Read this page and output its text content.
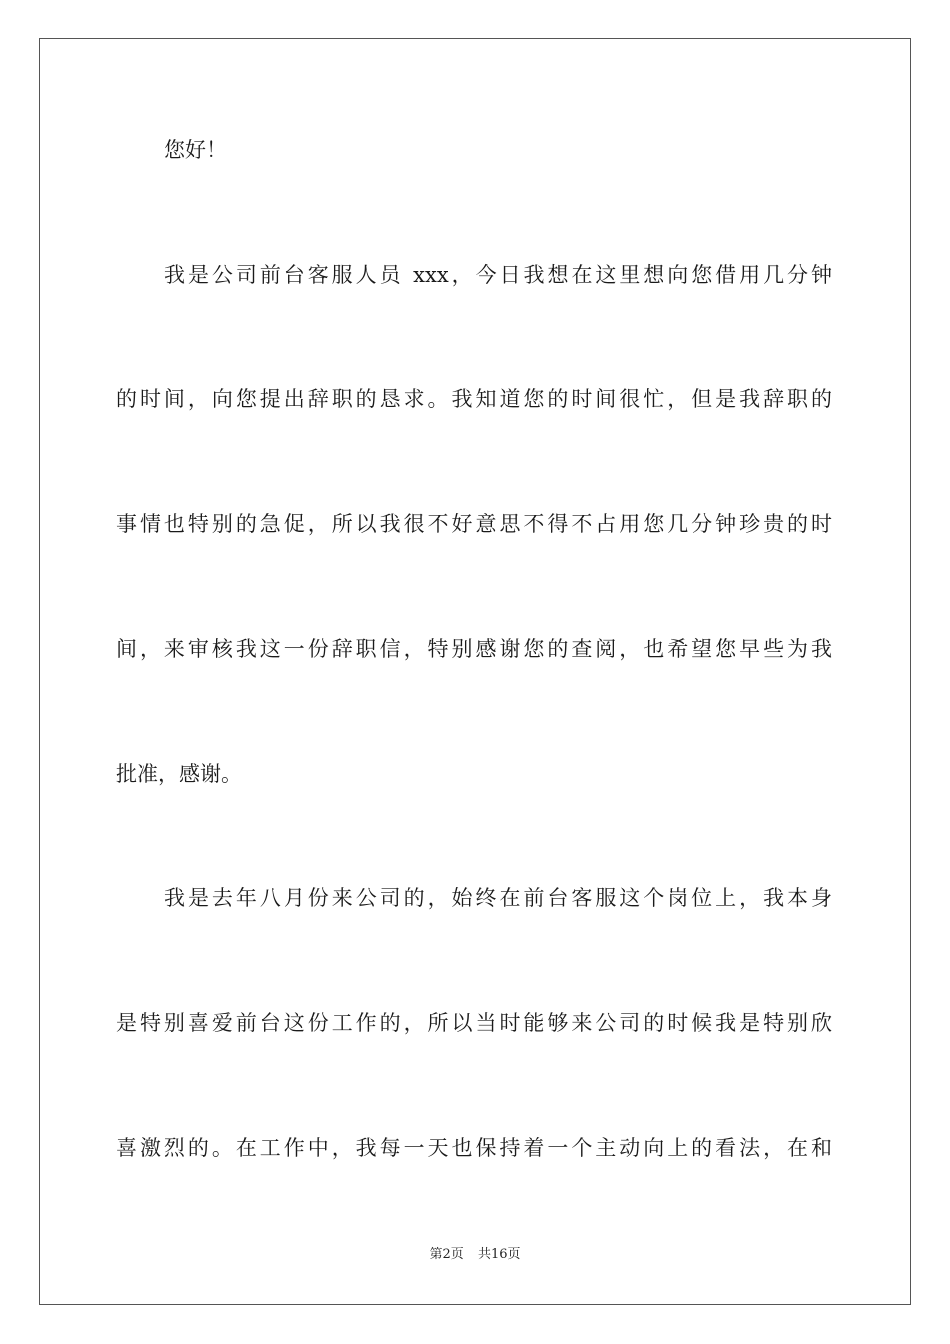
您好！
我是公司前台客服人员 xxx，今日我想在这里想向您借用几分钟
的时间，向您提出辞职的恳求。我知道您的时间很忙，但是我辞职的
事情也特别的急促，所以我很不好意思不得不占用您几分钟珍贵的时
间，来审核我这一份辞职信，特别感谢您的查阅，也希望您早些为我
批准，感谢。
我是去年八月份来公司的，始终在前台客服这个岗位上，我本身
是特别喜爱前台这份工作的，所以当时能够来公司的时候我是特别欣
喜激烈的。在工作中，我每一天也保持着一个主动向上的看法，在和
第2页 共16页
